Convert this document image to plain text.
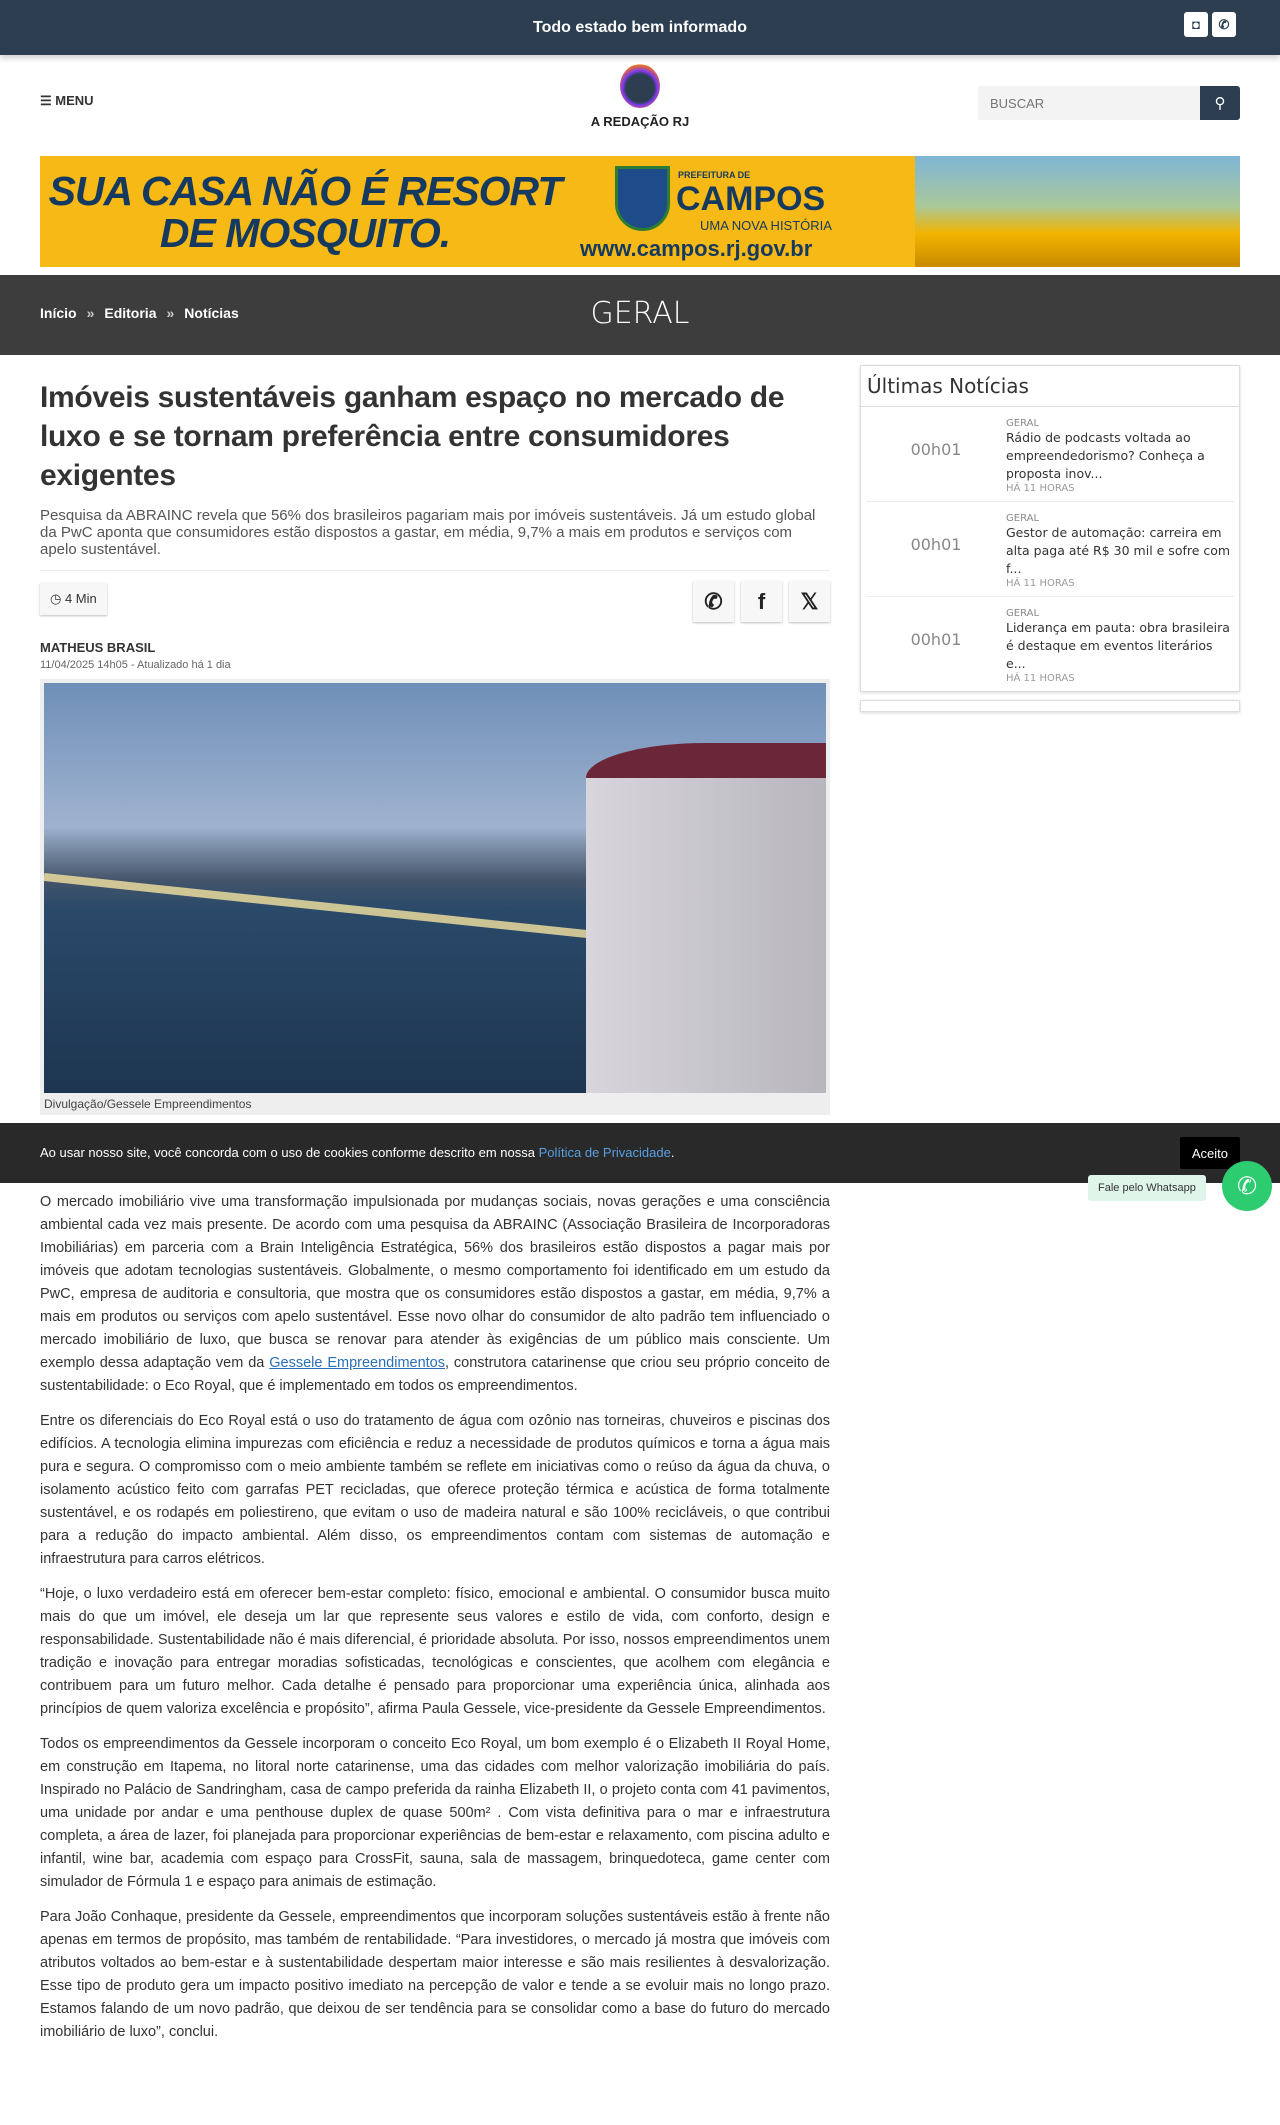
☰ MENU
A REDAÇÃO RJ
BUSCAR
⚲
Todo estado bem informado	◘	✆
SUA CASA NÃO É RESORT DE MOSQUITO.
PREFEITURA DE
CAMPOS
UMA NOVA HISTÓRIA
www.campos.rj.gov.br
GERAL
Início » Editoria » Notícias
Imóveis sustentáveis ganham espaço no mercado de luxo e se tornam preferência entre consumidores exigentes
Pesquisa da ABRAINC revela que 56% dos brasileiros pagariam mais por imóveis sustentáveis. Já um estudo global da PwC aponta que consumidores estão dispostos a gastar, em média, 9,7% a mais em produtos e serviços com apelo sustentável.
◷ 4 Min	✆	f	𝕏
MATHEUS BRASIL
11/04/2025 14h05 - Atualizado há 1 dia
Divulgação/Gessele Empreendimentos
Ao usar nosso site, você concorda com o uso de cookies conforme descrito em nossa Política de Privacidade.	Aceito

O mercado imobiliário vive uma transformação impulsionada por mudanças sociais, novas gerações e uma consciência ambiental cada vez mais presente. De acordo com uma pesquisa da ABRAINC (Associação Brasileira de Incorporadoras Imobiliárias) em parceria com a Brain Inteligência Estratégica, 56% dos brasileiros estão dispostos a pagar mais por imóveis que adotam tecnologias sustentáveis. Globalmente, o mesmo comportamento foi identificado em um estudo da PwC, empresa de auditoria e consultoria, que mostra que os consumidores estão dispostos a gastar, em média, 9,7% a mais em produtos ou serviços com apelo sustentável. Esse novo olhar do consumidor de alto padrão tem influenciado o mercado imobiliário de luxo, que busca se renovar para atender às exigências de um público mais consciente. Um exemplo dessa adaptação vem da Gessele Empreendimentos, construtora catarinense que criou seu próprio conceito de sustentabilidade: o Eco Royal, que é implementado em todos os empreendimentos.

Entre os diferenciais do Eco Royal está o uso do tratamento de água com ozônio nas torneiras, chuveiros e piscinas dos edifícios. A tecnologia elimina impurezas com eficiência e reduz a necessidade de produtos químicos e torna a água mais pura e segura. O compromisso com o meio ambiente também se reflete em iniciativas como o reúso da água da chuva, o isolamento acústico feito com garrafas PET recicladas, que oferece proteção térmica e acústica de forma totalmente sustentável, e os rodapés em poliestireno, que evitam o uso de madeira natural e são 100% recicláveis, o que contribui para a redução do impacto ambiental. Além disso, os empreendimentos contam com sistemas de automação e infraestrutura para carros elétricos.

“Hoje, o luxo verdadeiro está em oferecer bem-estar completo: físico, emocional e ambiental. O consumidor busca muito mais do que um imóvel, ele deseja um lar que represente seus valores e estilo de vida, com conforto, design e responsabilidade. Sustentabilidade não é mais diferencial, é prioridade absoluta. Por isso, nossos empreendimentos unem tradição e inovação para entregar moradias sofisticadas, tecnológicas e conscientes, que acolhem com elegância e contribuem para um futuro melhor. Cada detalhe é pensado para proporcionar uma experiência única, alinhada aos princípios de quem valoriza excelência e propósito”, afirma Paula Gessele, vice-presidente da Gessele Empreendimentos.

Todos os empreendimentos da Gessele incorporam o conceito Eco Royal, um bom exemplo é o Elizabeth II Royal Home, em construção em Itapema, no litoral norte catarinense, uma das cidades com melhor valorização imobiliária do país. Inspirado no Palácio de Sandringham, casa de campo preferida da rainha Elizabeth II, o projeto conta com 41 pavimentos, uma unidade por andar e uma penthouse duplex de quase 500m² . Com vista definitiva para o mar e infraestrutura completa, a área de lazer, foi planejada para proporcionar experiências de bem-estar e relaxamento, com piscina adulto e infantil, wine bar, academia com espaço para CrossFit, sauna, sala de massagem, brinquedoteca, game center com simulador de Fórmula 1 e espaço para animais de estimação.

Para João Conhaque, presidente da Gessele, empreendimentos que incorporam soluções sustentáveis estão à frente não apenas em termos de propósito, mas também de rentabilidade. “Para investidores, o mercado já mostra que imóveis com atributos voltados ao bem-estar e à sustentabilidade despertam maior interesse e são mais resilientes à desvalorização. Esse tipo de produto gera um impacto positivo imediato na percepção de valor e tende a se evoluir mais no longo prazo. Estamos falando de um novo padrão, que deixou de ser tendência para se consolidar como a base do futuro do mercado imobiliário de luxo”, conclui.

Últimas Notícias
00h01
GERAL
Rádio de podcasts voltada ao empreendedorismo? Conheça a proposta inov...
HÁ 11 HORAS
00h01
GERAL
Gestor de automação: carreira em alta paga até R$ 30 mil e sofre com f...
HÁ 11 HORAS
00h01
GERAL
Liderança em pauta: obra brasileira é destaque em eventos literários e...
HÁ 11 HORAS
Fale pelo Whatsapp	✆
